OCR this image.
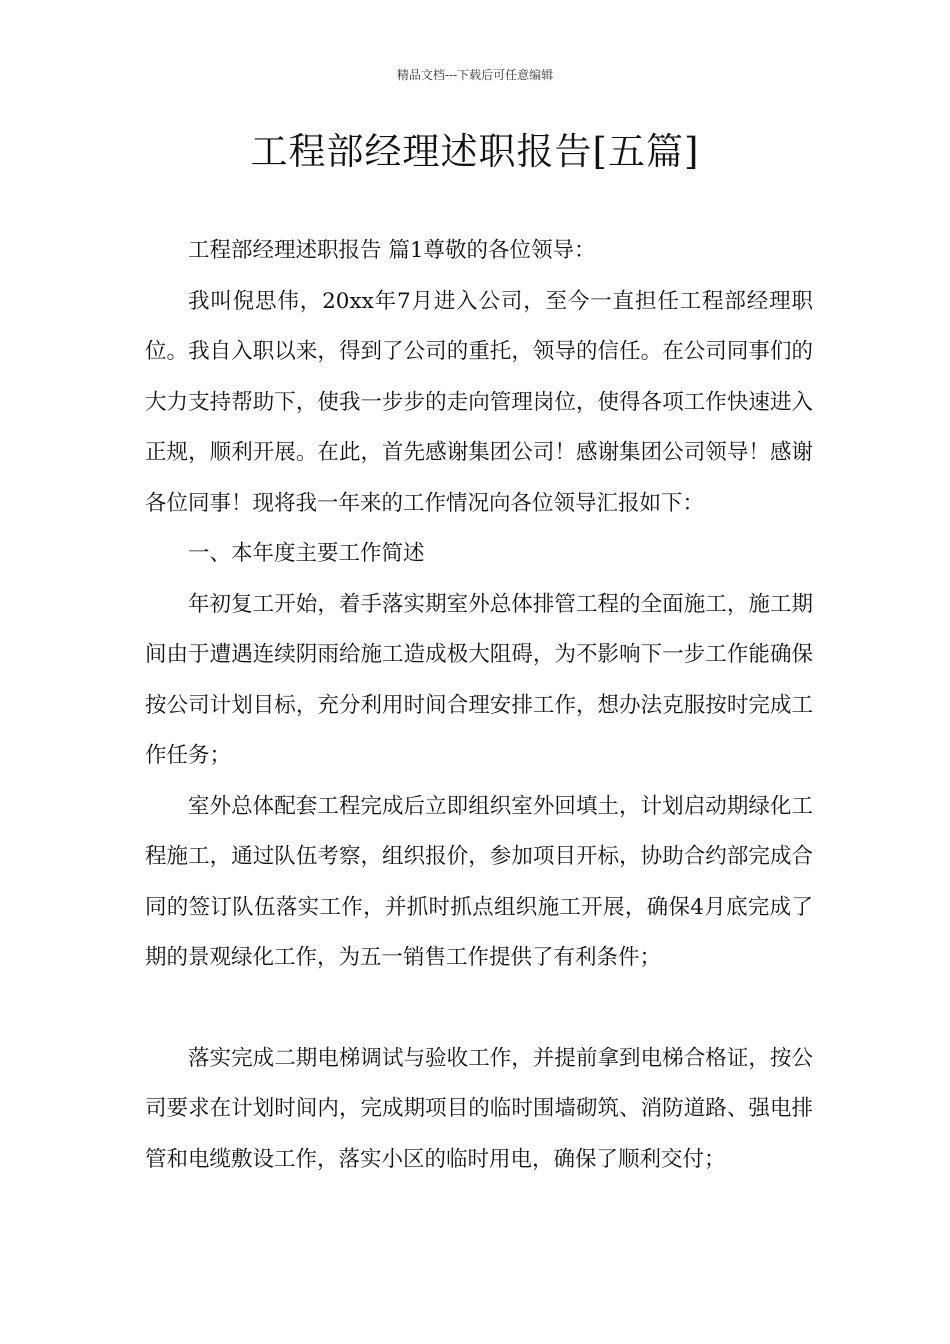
精品文档---下载后可任意编辑
工程部经理述职报告[五篇]

工程部经理述职报告 篇1尊敬的各位领导：

我叫倪思伟，20xx年7月进入公司，至今一直担任工程部经理职位。我自入职以来，得到了公司的重托，领导的信任。在公司同事们的大力支持帮助下，使我一步步的走向管理岗位，使得各项工作快速进入正规，顺利开展。在此，首先感谢集团公司！感谢集团公司领导！感谢各位同事！现将我一年来的工作情况向各位领导汇报如下：

一、本年度主要工作简述

年初复工开始，着手落实期室外总体排管工程的全面施工，施工期间由于遭遇连续阴雨给施工造成极大阻碍，为不影响下一步工作能确保按公司计划目标，充分利用时间合理安排工作，想办法克服按时完成工作任务；

室外总体配套工程完成后立即组织室外回填土，计划启动期绿化工程施工，通过队伍考察，组织报价，参加项目开标，协助合约部完成合同的签订队伍落实工作，并抓时抓点组织施工开展，确保4月底完成了期的景观绿化工作，为五一销售工作提供了有利条件；

落实完成二期电梯调试与验收工作，并提前拿到电梯合格证，按公司要求在计划时间内，完成期项目的临时围墙砌筑、消防道路、强电排管和电缆敷设工作，落实小区的临时用电，确保了顺利交付；
